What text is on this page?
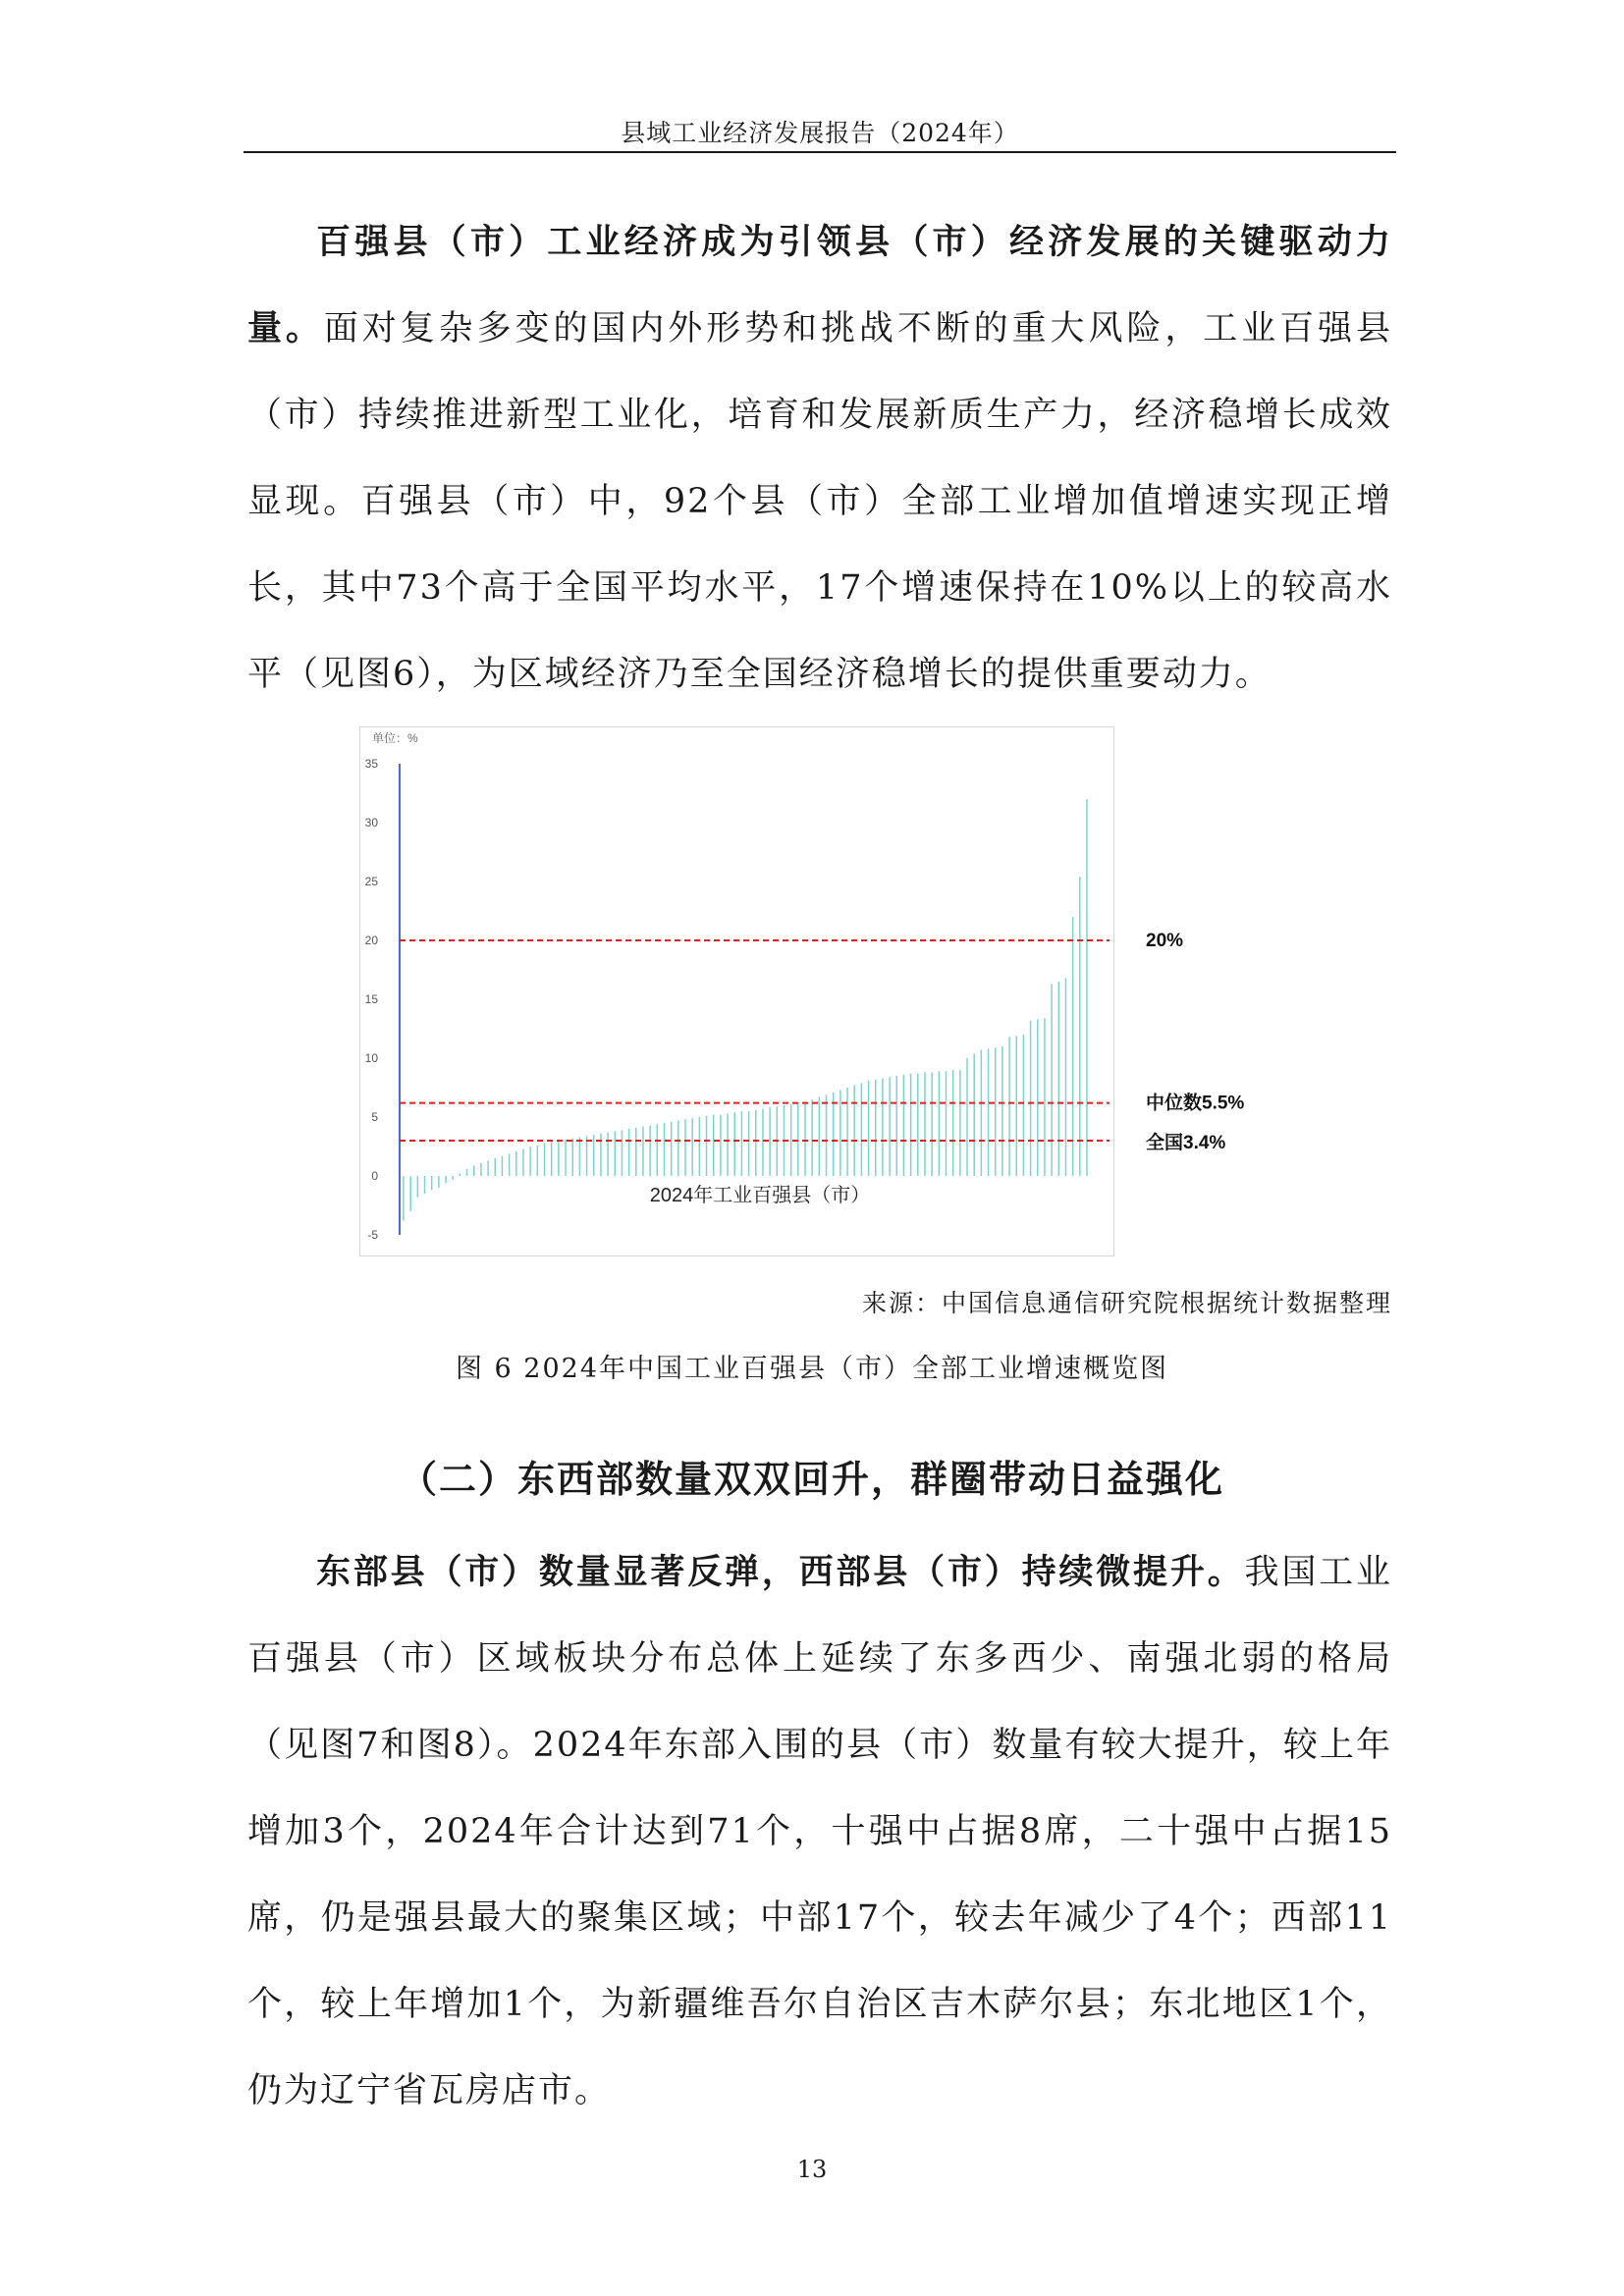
县域工业经济发展报告（2024年）

百强县（市）工业经济成为引领县（市）经济发展的关键驱动力量。面对复杂多变的国内外形势和挑战不断的重大风险，工业百强县（市）持续推进新型工业化，培育和发展新质生产力，经济稳增长成效显现。百强县（市）中，92个县（市）全部工业增加值增速实现正增长，其中73个高于全国平均水平，17个增速保持在10%以上的较高水平（见图6），为区域经济乃至全国经济稳增长的提供重要动力。

单位：%
-5
0
5
10
15
20
25
30
35
20%
中位数5.5%
全国3.4%
2024年工业百强县（市）
来源：中国信息通信研究院根据统计数据整理
图 6 2024年中国工业百强县（市）全部工业增速概览图
（二）东西部数量双双回升，群圈带动日益强化

东部县（市）数量显著反弹，西部县（市）持续微提升。我国工业百强县（市）区域板块分布总体上延续了东多西少、南强北弱的格局（见图7和图8）。2024年东部入围的县（市）数量有较大提升，较上年增加3个，2024年合计达到71个，十强中占据8席，二十强中占据15席，仍是强县最大的聚集区域；中部17个，较去年减少了4个；西部11个，较上年增加1个，为新疆维吾尔自治区吉木萨尔县；东北地区1个，仍为辽宁省瓦房店市。

13
